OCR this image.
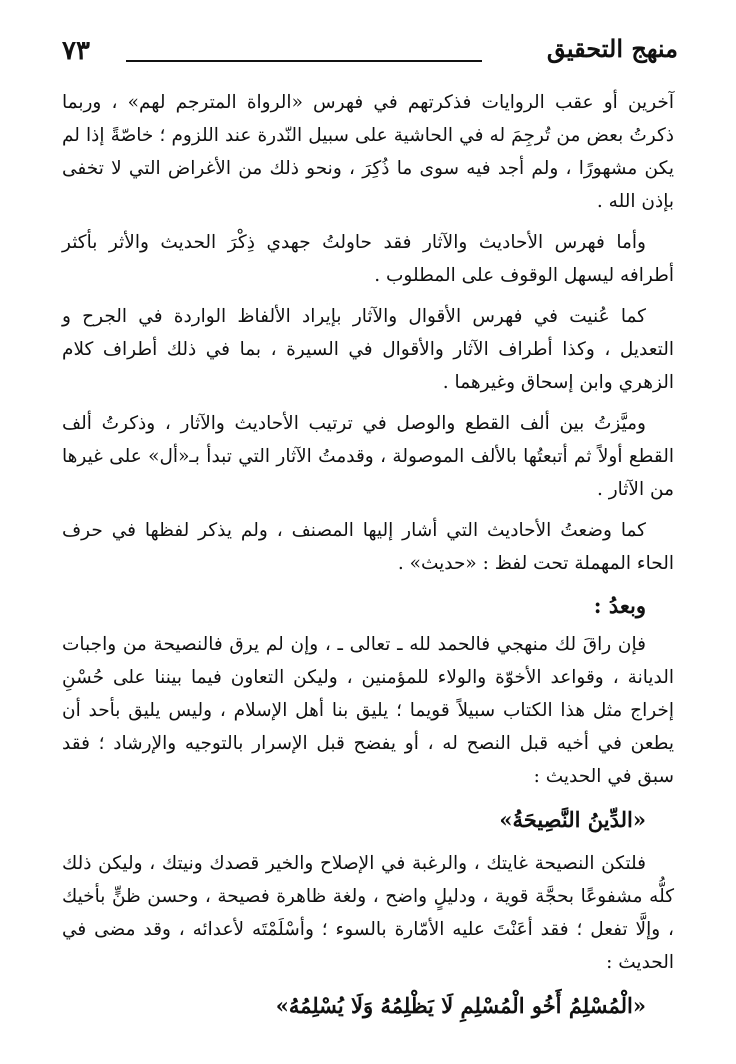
منهج التحقيق
٧٣

آخرين أو عقب الروايات فذكرتهم في فهرس «الرواة المترجم لهم» ، وربما ذكرتُ بعض من تُرجِمَ له في الحاشية على سبيل النّدرة عند اللزوم ؛ خاصّةً إذا لم يكن مشهورًا ، ولم أجد فيه سوى ما ذُكِرَ ، ونحو ذلك من الأغراض التي لا تخفى بإذن الله .

وأما فهرس الأحاديث والآثار فقد حاولتُ جهدي ذِكْرَ الحديث والأثر بأكثر أطرافه ليسهل الوقوف على المطلوب .

كما عُنيت في فهرس الأقوال والآثار بإيراد الألفاظ الواردة في الجرح و التعديل ، وكذا أطراف الآثار والأقوال في السيرة ، بما في ذلك أطراف كلام الزهري وابن إسحاق وغيرهما .

وميَّزتُ بين ألف القطع والوصل في ترتيب الأحاديث والآثار ، وذكرتُ ألف القطع أولاً ثم أتبعتُها بالألف الموصولة ، وقدمتُ الآثار التي تبدأ بـ«أل» على غيرها من الآثار .

كما وضعتُ الأحاديث التي أشار إليها المصنف ، ولم يذكر لفظها في حرف الحاء المهملة تحت لفظ : «حديث» .

وبعدُ :

فإن راقَ لك منهجي فالحمد لله ـ تعالى ـ ، وإن لم يرق فالنصيحة من واجبات الديانة ، وقواعد الأخوّة والولاء للمؤمنين ، وليكن التعاون فيما بيننا على حُسْنِ إخراج مثل هذا الكتاب سبيلاً قويما ؛ يليق بنا أهل الإسلام ، وليس يليق بأحد أن يطعن في أخيه قبل النصح له ، أو يفضح قبل الإسرار بالتوجيه والإرشاد ؛ فقد سبق في الحديث :

«الدِّينُ النَّصِيحَةُ»

فلتكن النصيحة غايتك ، والرغبة في الإصلاح والخير قصدك ونيتك ، وليكن ذلك كلُّه مشفوعًا بحجَّة قوية ، ودليلٍ واضح ، ولغة ظاهرة فصيحة ، وحسن ظنٍّ بأخيك ، وإلَّا تفعل ؛ فقد أعَنْتَ عليه الأمّارة بالسوء ؛ وأسْلَمْتَه لأعدائه ، وقد مضى في الحديث :

«الْمُسْلِمُ أَخُو الْمُسْلِمِ لَا يَظْلِمُهُ وَلَا يُسْلِمُهُ»
